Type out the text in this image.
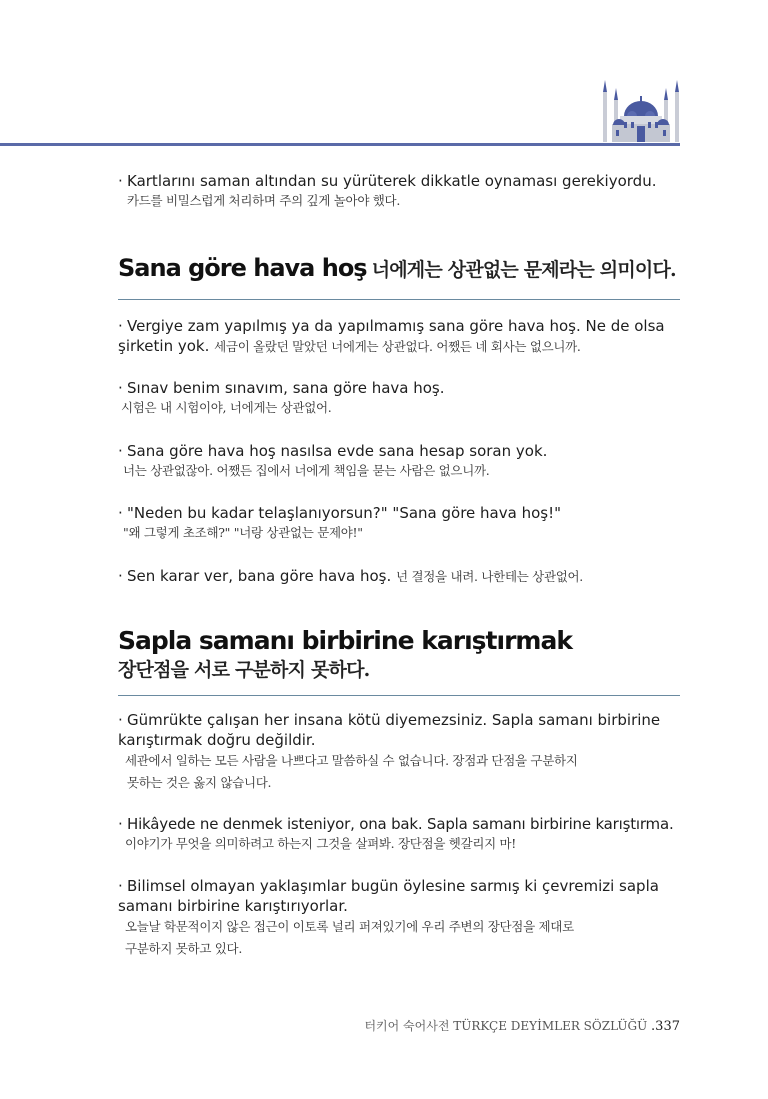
· Kartlarını saman altından su yürüterek dikkatle oynaması gerekiyordu.
카드를 비밀스럽게 처리하며 주의 깊게 놀아야 했다.
Sana göre hava hoş 너에게는 상관없는 문제라는 의미이다.
· Vergiye zam yapılmış ya da yapılmamış sana göre hava hoş. Ne de olsa
şirketin yok. 세금이 올랐던 말았던 너에게는 상관없다. 어쨌든 네 회사는 없으니까.
· Sınav benim sınavım, sana göre hava hoş.
시험은 내 시험이야, 너에게는 상관없어.
· Sana göre hava hoş nasılsa evde sana hesap soran yok.
너는 상관없잖아. 어쨌든 집에서 너에게 책임을 묻는 사람은 없으니까.
· "Neden bu kadar telaşlanıyorsun?" "Sana göre hava hoş!"
"왜 그렇게 초조해?" "너랑 상관없는 문제야!"
· Sen karar ver, bana göre hava hoş. 넌 결정을 내려. 나한테는 상관없어.
Sapla samanı birbirine karıştırmak
장단점을 서로 구분하지 못하다.
· Gümrükte çalışan her insana kötü diyemezsiniz. Sapla samanı birbirine
karıştırmak doğru değildir.
세관에서 일하는 모든 사람을 나쁘다고 말씀하실 수 없습니다. 장점과 단점을 구분하지
못하는 것은 옳지 않습니다.
· Hikâyede ne denmek isteniyor, ona bak. Sapla samanı birbirine karıştırma.
이야기가 무엇을 의미하려고 하는지 그것을 살펴봐. 장단점을 헷갈리지 마!
· Bilimsel olmayan yaklaşımlar bugün öylesine sarmış ki çevremizi sapla
samanı birbirine karıştırıyorlar.
오늘날 학문적이지 않은 접근이 이토록 널리 퍼져있기에 우리 주변의 장단점을 제대로
구분하지 못하고 있다.
터키어 숙어사전 TÜRKÇE DEYİMLER SÖZLÜĞÜ .337
